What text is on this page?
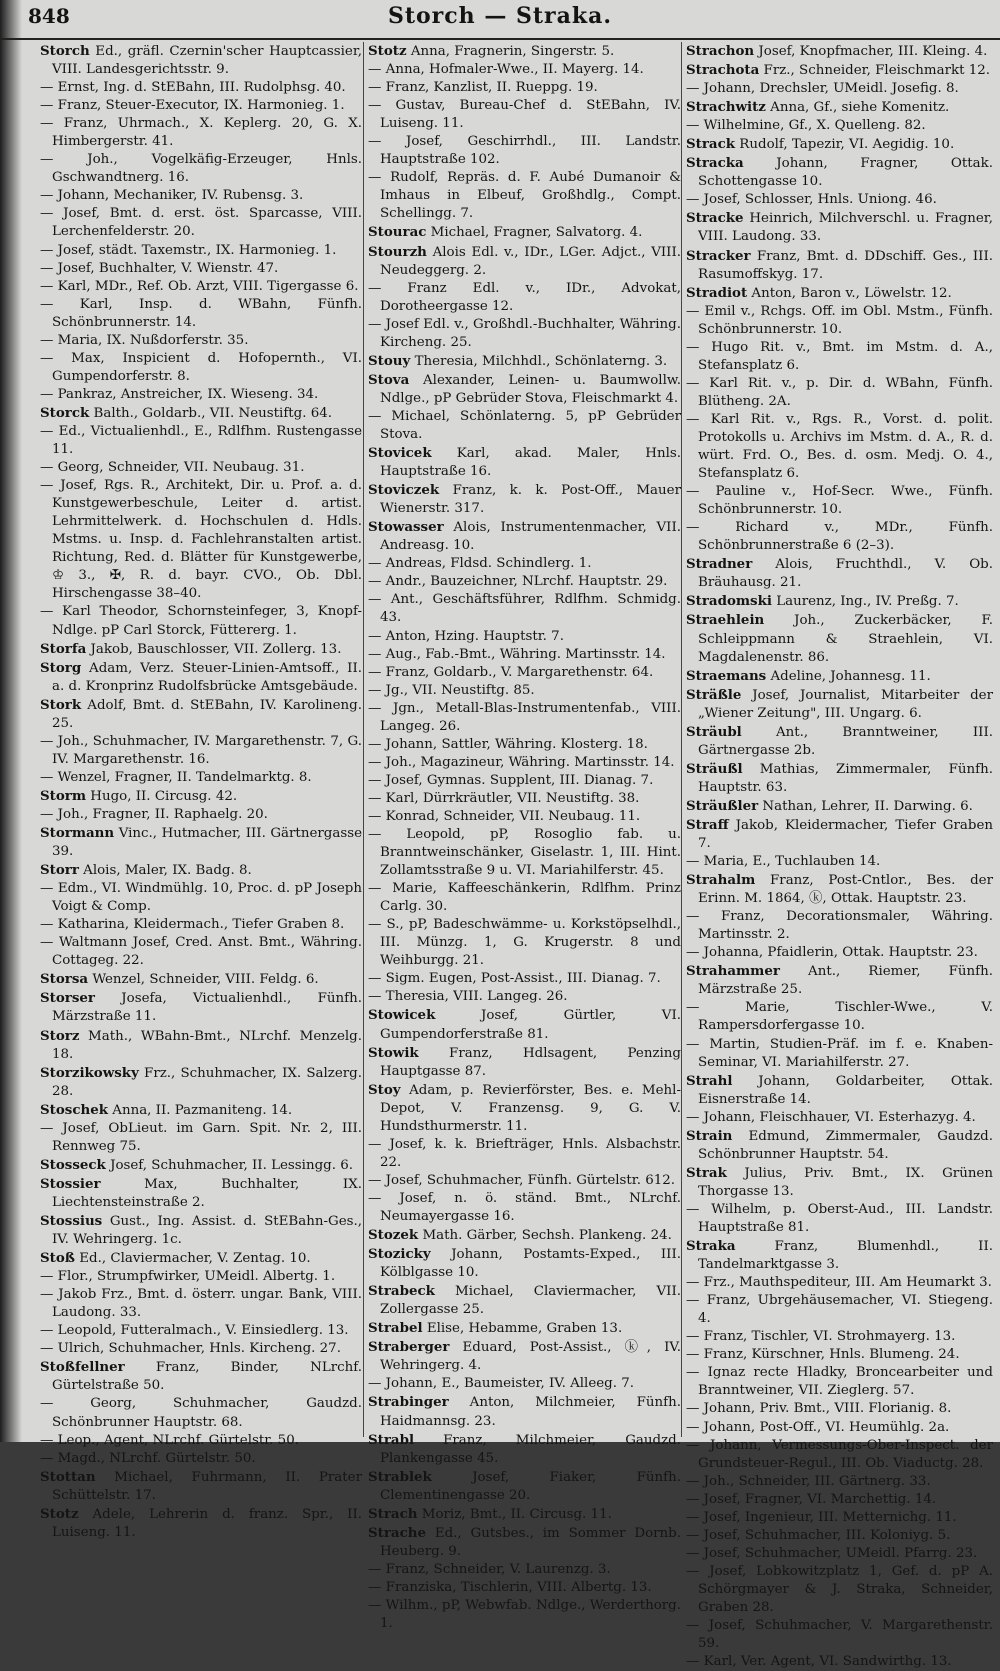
848	Storch — Straka.
Storch Ed., gräfl. Czernin'scher Hauptcassier, VIII. Landesgerichtsstr. 9.
— Ernst, Ing. d. StEBahn, III. Rudolphsg. 40.
— Franz, Steuer-Executor, IX. Harmonieg. 1.
— Franz, Uhrmach., X. Keplerg. 20, G. X. Himbergerstr. 41.
— Joh., Vogelkäfig-Erzeuger, Hnls. Gschwandtnerg. 16.
— Johann, Mechaniker, IV. Rubensg. 3.
— Josef, Bmt. d. erst. öst. Sparcasse, VIII. Lerchenfelderstr. 20.
— Josef, städt. Taxemstr., IX. Harmonieg. 1.
— Josef, Buchhalter, V. Wienstr. 47.
— Karl, MDr., Ref. Ob. Arzt, VIII. Tigergasse 6.
— Karl, Insp. d. WBahn, Fünfh. Schönbrunnerstr. 14.
— Maria, IX. Nußdorferstr. 35.
— Max, Inspicient d. Hofopernth., VI. Gumpendorferstr. 8.
— Pankraz, Anstreicher, IX. Wieseng. 34.
Storck Balth., Goldarb., VII. Neustiftg. 64.
— Ed., Victualienhdl., E., Rdlfhm. Rustengasse 11.
— Georg, Schneider, VII. Neubaug. 31.
— Josef, Rgs. R., Architekt, Dir. u. Prof. a. d. Kunstgewerbeschule, Leiter d. artist. Lehrmittelwerk. d. Hochschulen d. Hdls. Mstms. u. Insp. d. Fachlehranstalten artist. Richtung, Red. d. Blätter für Kunstgewerbe, ♔ 3., ✠, R. d. bayr. CVO., Ob. Dbl. Hirschengasse 38–40.
— Karl Theodor, Schornsteinfeger, 3, Knopf-Ndlge. pP Carl Storck, Füttererg. 1.
Storfa Jakob, Bauschlosser, VII. Zollerg. 13.
Storg Adam, Verz. Steuer-Linien-Amtsoff., II. a. d. Kronprinz Rudolfsbrücke Amtsgebäude.
Stork Adolf, Bmt. d. StEBahn, IV. Karolineng. 25.
— Joh., Schuhmacher, IV. Margarethenstr. 7, G. IV. Margarethenstr. 16.
— Wenzel, Fragner, II. Tandelmarktg. 8.
Storm Hugo, II. Circusg. 42.
— Joh., Fragner, II. Raphaelg. 20.
Stormann Vinc., Hutmacher, III. Gärtnergasse 39.
Storr Alois, Maler, IX. Badg. 8.
— Edm., VI. Windmühlg. 10, Proc. d. pP Joseph Voigt & Comp.
— Katharina, Kleidermach., Tiefer Graben 8.
— Waltmann Josef, Cred. Anst. Bmt., Währing. Cottageg. 22.
Storsa Wenzel, Schneider, VIII. Feldg. 6.
Storser Josefa, Victualienhdl., Fünfh. Märzstraße 11.
Storz Math., WBahn-Bmt., NLrchf. Menzelg. 18.
Storzikowsky Frz., Schuhmacher, IX. Salzerg. 28.
Stoschek Anna, II. Pazmaniteng. 14.
— Josef, ObLieut. im Garn. Spit. Nr. 2, III. Rennweg 75.
Stosseck Josef, Schuhmacher, II. Lessingg. 6.
Stossier Max, Buchhalter, IX. Liechtensteinstraße 2.
Stossius Gust., Ing. Assist. d. StEBahn-Ges., IV. Wehringerg. 1c.
Stoß Ed., Claviermacher, V. Zentag. 10.
— Flor., Strumpfwirker, UMeidl. Albertg. 1.
— Jakob Frz., Bmt. d. österr. ungar. Bank, VIII. Laudong. 33.
— Leopold, Futteralmach., V. Einsiedlerg. 13.
— Ulrich, Schuhmacher, Hnls. Kircheng. 27.
Stoßfellner Franz, Binder, NLrchf. Gürtelstraße 50.
— Georg, Schuhmacher, Gaudzd. Schönbrunner Hauptstr. 68.
— Leop., Agent, NLrchf. Gürtelstr. 50.
— Magd., NLrchf. Gürtelstr. 50.
Stottan Michael, Fuhrmann, II. Prater Schüttelstr. 17.
Stotz Adele, Lehrerin d. franz. Spr., II. Luiseng. 11.
Stotz Anna, Fragnerin, Singerstr. 5.
— Anna, Hofmaler-Wwe., II. Mayerg. 14.
— Franz, Kanzlist, II. Rueppg. 19.
— Gustav, Bureau-Chef d. StEBahn, IV. Luiseng. 11.
— Josef, Geschirrhdl., III. Landstr. Hauptstraße 102.
— Rudolf, Repräs. d. F. Aubé Dumanoir & Imhaus in Elbeuf, Großhdlg., Compt. Schellingg. 7.
Stourac Michael, Fragner, Salvatorg. 4.
Stourzh Alois Edl. v., IDr., LGer. Adjct., VIII. Neudeggerg. 2.
— Franz Edl. v., IDr., Advokat, Dorotheergasse 12.
— Josef Edl. v., Großhdl.-Buchhalter, Währing. Kircheng. 25.
Stouy Theresia, Milchhdl., Schönlaterng. 3.
Stova Alexander, Leinen- u. Baumwollw. Ndlge., pP Gebrüder Stova, Fleischmarkt 4.
— Michael, Schönlaterng. 5, pP Gebrüder Stova.
Stovicek Karl, akad. Maler, Hnls. Hauptstraße 16.
Stoviczek Franz, k. k. Post-Off., Mauer Wienerstr. 317.
Stowasser Alois, Instrumentenmacher, VII. Andreasg. 10.
— Andreas, Fldsd. Schindlerg. 1.
— Andr., Bauzeichner, NLrchf. Hauptstr. 29.
— Ant., Geschäftsführer, Rdlfhm. Schmidg. 43.
— Anton, Hzing. Hauptstr. 7.
— Aug., Fab.-Bmt., Währing. Martinsstr. 14.
— Franz, Goldarb., V. Margarethenstr. 64.
— Jg., VII. Neustiftg. 85.
— Jgn., Metall-Blas-Instrumentenfab., VIII. Langeg. 26.
— Johann, Sattler, Währing. Klosterg. 18.
— Joh., Magazineur, Währing. Martinsstr. 14.
— Josef, Gymnas. Supplent, III. Dianag. 7.
— Karl, Dürrkräutler, VII. Neustiftg. 38.
— Konrad, Schneider, VII. Neubaug. 11.
— Leopold, pP, Rosoglio fab. u. Branntweinschänker, Giselastr. 1, III. Hint. Zollamtsstraße 9 u. VI. Mariahilferstr. 45.
— Marie, Kaffeeschänkerin, Rdlfhm. Prinz Carlg. 30.
— S., pP, Badeschwämme- u. Korkstöpselhdl., III. Münzg. 1, G. Krugerstr. 8 und Weihburgg. 21.
— Sigm. Eugen, Post-Assist., III. Dianag. 7.
— Theresia, VIII. Langeg. 26.
Stowicek Josef, Gürtler, VI. Gumpendorferstraße 81.
Stowik Franz, Hdlsagent, Penzing Hauptgasse 87.
Stoy Adam, p. Revierförster, Bes. e. Mehl-Depot, V. Franzensg. 9, G. V. Hundsthurmerstr. 11.
— Josef, k. k. Briefträger, Hnls. Alsbachstr. 22.
— Josef, Schuhmacher, Fünfh. Gürtelstr. 612.
— Josef, n. ö. ständ. Bmt., NLrchf. Neumayergasse 16.
Stozek Math. Gärber, Sechsh. Plankeng. 24.
Stozicky Johann, Postamts-Exped., III. Kölblgasse 10.
Strabeck Michael, Claviermacher, VII. Zollergasse 25.
Strabel Elise, Hebamme, Graben 13.
Straberger Eduard, Post-Assist., ⓚ, IV. Wehringerg. 4.
— Johann, E., Baumeister, IV. Alleeg. 7.
Strabinger Anton, Milchmeier, Fünfh. Haidmannsg. 23.
Strabl Franz, Milchmeier, Gaudzd. Plankengasse 45.
Strablek Josef, Fiaker, Fünfh. Clementinengasse 20.
Strach Moriz, Bmt., II. Circusg. 11.
Strache Ed., Gutsbes., im Sommer Dornb. Heuberg. 9.
— Franz, Schneider, V. Laurenzg. 3.
— Franziska, Tischlerin, VIII. Albertg. 13.
— Wilhm., pP, Webwfab. Ndlge., Werderthorg. 1.
Strachon Josef, Knopfmacher, III. Kleing. 4.
Strachota Frz., Schneider, Fleischmarkt 12.
— Johann, Drechsler, UMeidl. Josefig. 8.
Strachwitz Anna, Gf., siehe Komenitz.
— Wilhelmine, Gf., X. Quelleng. 82.
Strack Rudolf, Tapezir, VI. Aegidig. 10.
Stracka Johann, Fragner, Ottak. Schottengasse 10.
— Josef, Schlosser, Hnls. Uniong. 46.
Stracke Heinrich, Milchverschl. u. Fragner, VIII. Laudong. 33.
Stracker Franz, Bmt. d. DDschiff. Ges., III. Rasumoffskyg. 17.
Stradiot Anton, Baron v., Löwelstr. 12.
— Emil v., Rchgs. Off. im Obl. Mstm., Fünfh. Schönbrunnerstr. 10.
— Hugo Rit. v., Bmt. im Mstm. d. A., Stefansplatz 6.
— Karl Rit. v., p. Dir. d. WBahn, Fünfh. Blütheng. 2A.
— Karl Rit. v., Rgs. R., Vorst. d. polit. Protokolls u. Archivs im Mstm. d. A., R. d. würt. Frd. O., Bes. d. osm. Medj. O. 4., Stefansplatz 6.
— Pauline v., Hof-Secr. Wwe., Fünfh. Schönbrunnerstr. 10.
— Richard v., MDr., Fünfh. Schönbrunnerstraße 6 (2–3).
Stradner Alois, Fruchthdl., V. Ob. Bräuhausg. 21.
Stradomski Laurenz, Ing., IV. Preßg. 7.
Straehlein Joh., Zuckerbäcker, F. Schleippmann & Straehlein, VI. Magdalenenstr. 86.
Straemans Adeline, Johannesg. 11.
Sträßle Josef, Journalist, Mitarbeiter der „Wiener Zeitung", III. Ungarg. 6.
Sträubl Ant., Branntweiner, III. Gärtnergasse 2b.
Sträußl Mathias, Zimmermaler, Fünfh. Hauptstr. 63.
Sträußler Nathan, Lehrer, II. Darwing. 6.
Straff Jakob, Kleidermacher, Tiefer Graben 7.
— Maria, E., Tuchlauben 14.
Strahalm Franz, Post-Cntlor., Bes. der Erinn. M. 1864, ⓚ, Ottak. Hauptstr. 23.
— Franz, Decorationsmaler, Währing. Martinsstr. 2.
— Johanna, Pfaidlerin, Ottak. Hauptstr. 23.
Strahammer Ant., Riemer, Fünfh. Märzstraße 25.
— Marie, Tischler-Wwe., V. Rampersdorfergasse 10.
— Martin, Studien-Präf. im f. e. Knaben-Seminar, VI. Mariahilferstr. 27.
Strahl Johann, Goldarbeiter, Ottak. Eisnerstraße 14.
— Johann, Fleischhauer, VI. Esterhazyg. 4.
Strain Edmund, Zimmermaler, Gaudzd. Schönbrunner Hauptstr. 54.
Strak Julius, Priv. Bmt., IX. Grünen Thorgasse 13.
— Wilhelm, p. Oberst-Aud., III. Landstr. Hauptstraße 81.
Straka Franz, Blumenhdl., II. Tandelmarktgasse 3.
— Frz., Mauthspediteur, III. Am Heumarkt 3.
— Franz, Ubrgehäusemacher, VI. Stiegeng. 4.
— Franz, Tischler, VI. Strohmayerg. 13.
— Franz, Kürschner, Hnls. Blumeng. 24.
— Ignaz recte Hladky, Broncearbeiter und Branntweiner, VII. Zieglerg. 57.
— Johann, Priv. Bmt., VIII. Florianig. 8.
— Johann, Post-Off., VI. Heumühlg. 2a.
— Johann, Vermessungs-Ober-Inspect. der Grundsteuer-Regul., III. Ob. Viaductg. 28.
— Joh., Schneider, III. Gärtnerg. 33.
— Josef, Fragner, VI. Marchettig. 14.
— Josef, Ingenieur, III. Metternichg. 11.
— Josef, Schuhmacher, III. Koloniyg. 5.
— Josef, Schuhmacher, UMeidl. Pfarrg. 23.
— Josef, Lobkowitzplatz 1, Gef. d. pP A. Schörgmayer & J. Straka, Schneider, Graben 28.
— Josef, Schuhmacher, V. Margarethenstr. 59.
— Karl, Ver. Agent, VI. Sandwirthg. 13.
